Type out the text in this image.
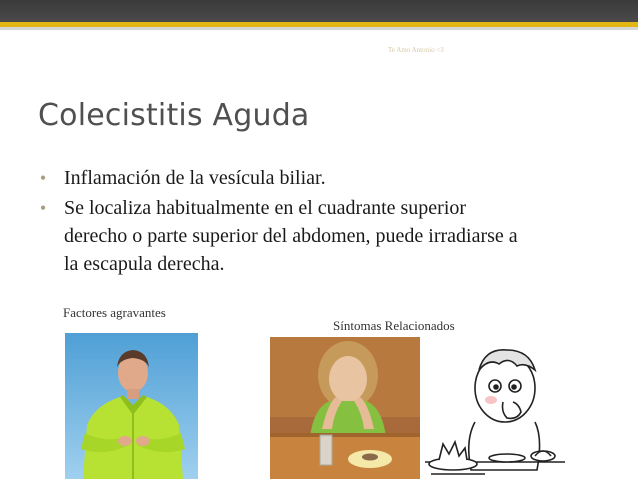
Te Amo Antonio <3
Colecistitis Aguda
• Inflamación de la vesícula biliar.
• Se localiza habitualmente en el cuadrante superior derecho o parte superior del abdomen, puede irradiarse a la escapula derecha.
Factores agravantes
Síntomas Relacionados
